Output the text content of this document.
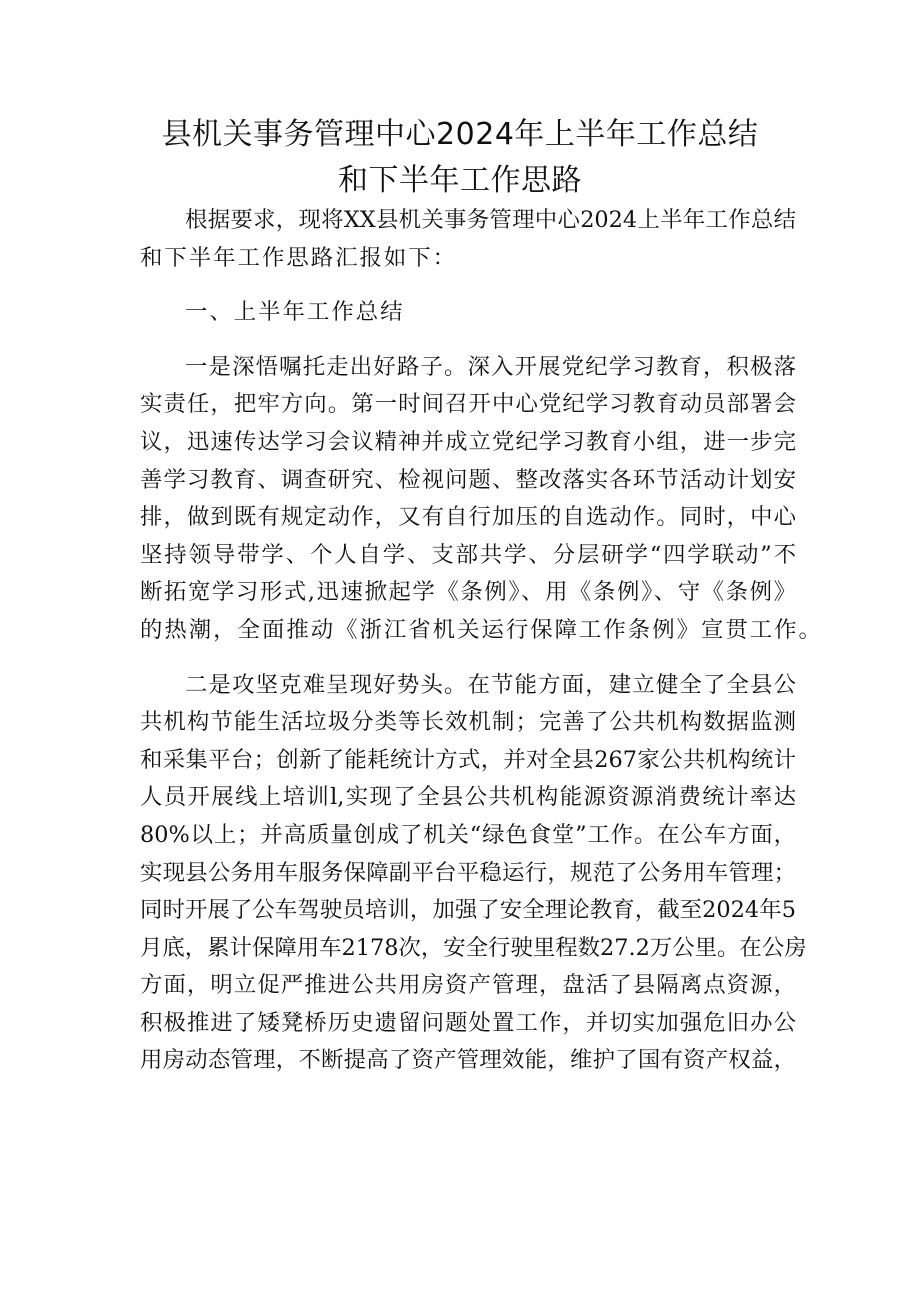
县机关事务管理中心2024年上半年工作总结
和下半年工作思路
根据要求，现将XX县机关事务管理中心2024上半年工作总结
和下半年工作思路汇报如下：
一、上半年工作总结
一是深悟嘱托走出好路子。深入开展党纪学习教育，积极落
实责任，把牢方向。第一时间召开中心党纪学习教育动员部署会
议，迅速传达学习会议精神并成立党纪学习教育小组，进一步完
善学习教育、调查研究、检视问题、整改落实各环节活动计划安
排，做到既有规定动作，又有自行加压的自选动作。同时，中心
坚持领导带学、个人自学、支部共学、分层研学“四学联动”不
断拓宽学习形式,迅速掀起学《条例》、用《条例》、守《条例》
的热潮，全面推动《浙江省机关运行保障工作条例》宣贯工作。
二是攻坚克难呈现好势头。在节能方面，建立健全了全县公
共机构节能生活垃圾分类等长效机制；完善了公共机构数据监测
和采集平台；创新了能耗统计方式，并对全县267家公共机构统计
人员开展线上培训l,实现了全县公共机构能源资源消费统计率达
80%以上；并高质量创成了机关“绿色食堂”工作。在公车方面，
实现县公务用车服务保障副平台平稳运行，规范了公务用车管理；
同时开展了公车驾驶员培训，加强了安全理论教育，截至2024年5
月底，累计保障用车2178次，安全行驶里程数27.2万公里。在公房
方面，明立促严推进公共用房资产管理，盘活了县隔离点资源，
积极推进了矮凳桥历史遗留问题处置工作，并切实加强危旧办公
用房动态管理，不断提高了资产管理效能，维护了国有资产权益，
